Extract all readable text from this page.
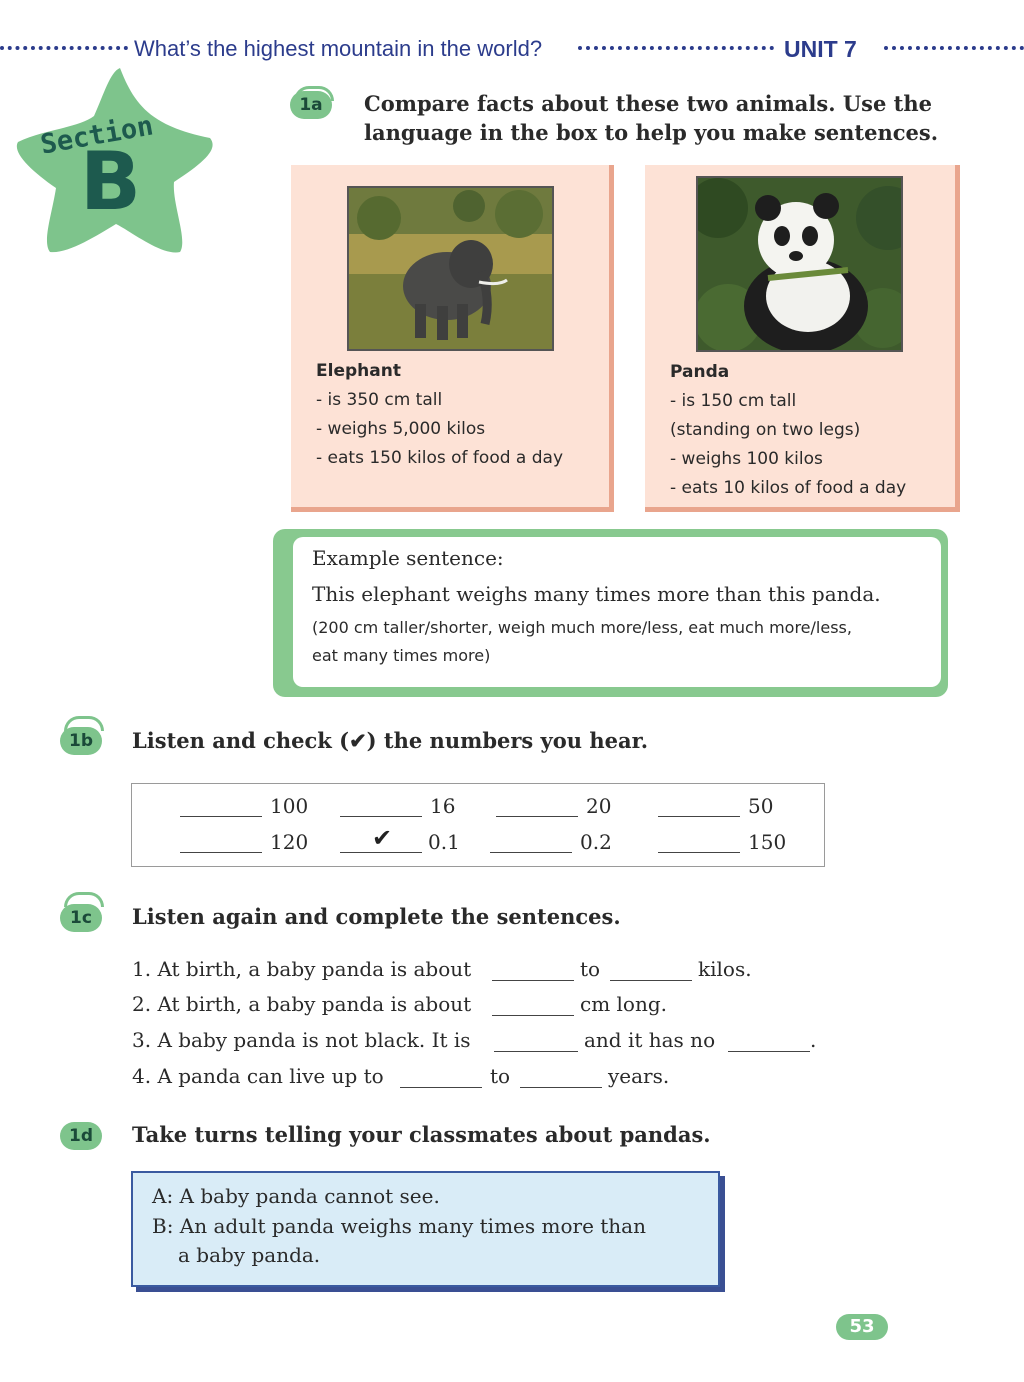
What’s the highest mountain in the world?	UNIT 7
Section
B
1a	Compare facts about these two animals. Use the
language in the box to help you make sentences.
Elephant
- is 350 cm tall
- weighs 5,000 kilos
- eats 150 kilos of food a day
Panda
- is 150 cm tall
(standing on two legs)
- weighs 100 kilos
- eats 10 kilos of food a day
Example sentence:
This elephant weighs many times more than this panda.
(200 cm taller/shorter, weigh much more/less, eat much more/less,
eat many times more)
1b	Listen and check (✔) the numbers you hear.
100	16	20	50
120	✔ 0.1	0.2	150
1c	Listen again and complete the sentences.
1. At birth, a baby panda is about	to	kilos.
2. At birth, a baby panda is about	cm long.
3. A baby panda is not black. It is	and it has no	.
4. A panda can live up to	to	years.
1d	Take turns telling your classmates about pandas.
A: A baby panda cannot see.
B: An adult panda weighs many times more than
a baby panda.
53
